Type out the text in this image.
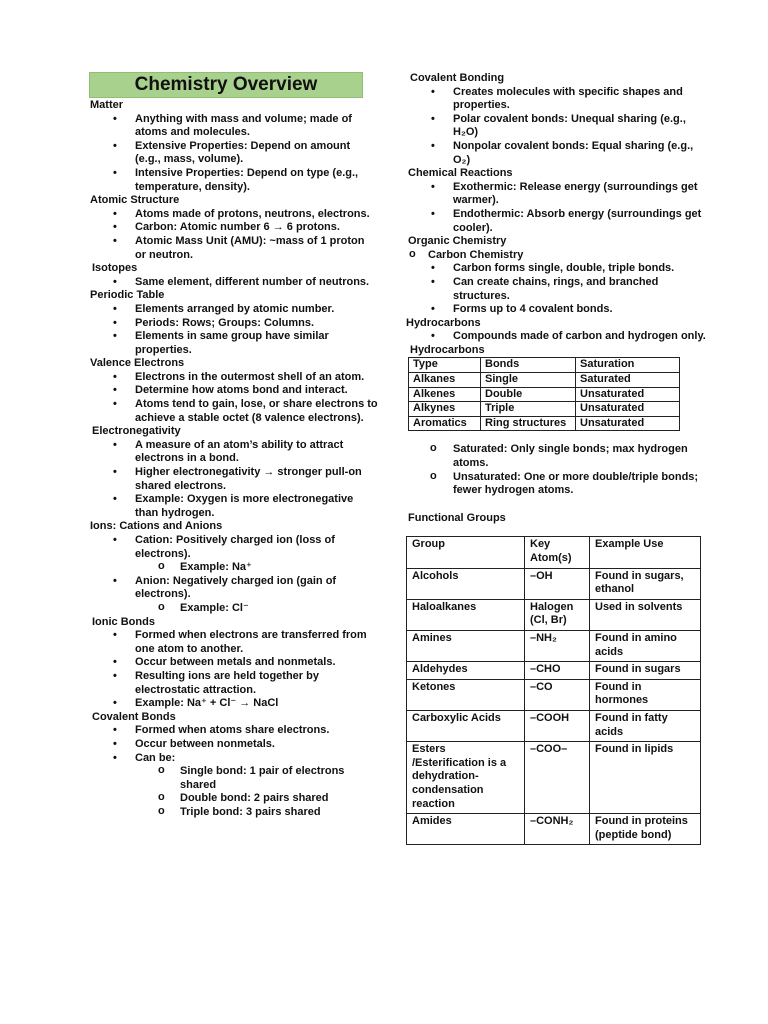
Chemistry Overview
Matter
• Anything with mass and volume; made of atoms and molecules.
• Extensive Properties: Depend on amount (e.g., mass, volume).
• Intensive Properties: Depend on type (e.g., temperature, density).
Atomic Structure
• Atoms made of protons, neutrons, electrons.
• Carbon: Atomic number 6 → 6 protons.
• Atomic Mass Unit (AMU): ~mass of 1 proton or neutron.
Isotopes
• Same element, different number of neutrons.
Periodic Table
• Elements arranged by atomic number.
• Periods: Rows; Groups: Columns.
• Elements in same group have similar properties.
Valence Electrons
• Electrons in the outermost shell of an atom.
• Determine how atoms bond and interact.
• Atoms tend to gain, lose, or share electrons to achieve a stable octet (8 valence electrons).
Electronegativity
• A measure of an atom’s ability to attract electrons in a bond.
• Higher electronegativity → stronger pull-on shared electrons.
• Example: Oxygen is more electronegative than hydrogen.
Ions: Cations and Anions
• Cation: Positively charged ion (loss of electrons).
o Example: Na⁺
• Anion: Negatively charged ion (gain of electrons).
o Example: Cl⁻
Ionic Bonds
• Formed when electrons are transferred from one atom to another.
• Occur between metals and nonmetals.
• Resulting ions are held together by electrostatic attraction.
• Example: Na⁺ + Cl⁻ → NaCl
Covalent Bonds
• Formed when atoms share electrons.
• Occur between nonmetals.
• Can be:
o Single bond: 1 pair of electrons shared
o Double bond: 2 pairs shared
o Triple bond: 3 pairs shared
Covalent Bonding
• Creates molecules with specific shapes and properties.
• Polar covalent bonds: Unequal sharing (e.g., H₂O)
• Nonpolar covalent bonds: Equal sharing (e.g., O₂)
Chemical Reactions
• Exothermic: Release energy (surroundings get warmer).
• Endothermic: Absorb energy (surroundings get cooler).
Organic Chemistry
o Carbon Chemistry
• Carbon forms single, double, triple bonds.
• Can create chains, rings, and branched structures.
• Forms up to 4 covalent bonds.
Hydrocarbons
• Compounds made of carbon and hydrogen only.
Hydrocarbons
Type	Bonds	Saturation
Alkanes	Single	Saturated
Alkenes	Double	Unsaturated
Alkynes	Triple	Unsaturated
Aromatics	Ring structures	Unsaturated
o Saturated: Only single bonds; max hydrogen atoms.
o Unsaturated: One or more double/triple bonds; fewer hydrogen atoms.
Functional Groups
Group	Key Atom(s)	Example Use
Alcohols	–OH	Found in sugars, ethanol
Haloalkanes	Halogen (Cl, Br)	Used in solvents
Amines	–NH₂	Found in amino acids
Aldehydes	–CHO	Found in sugars
Ketones	–CO	Found in hormones
Carboxylic Acids	–COOH	Found in fatty acids
Esters /Esterification is a dehydration-condensation reaction	–COO–	Found in lipids
Amides	–CONH₂	Found in proteins (peptide bond)
